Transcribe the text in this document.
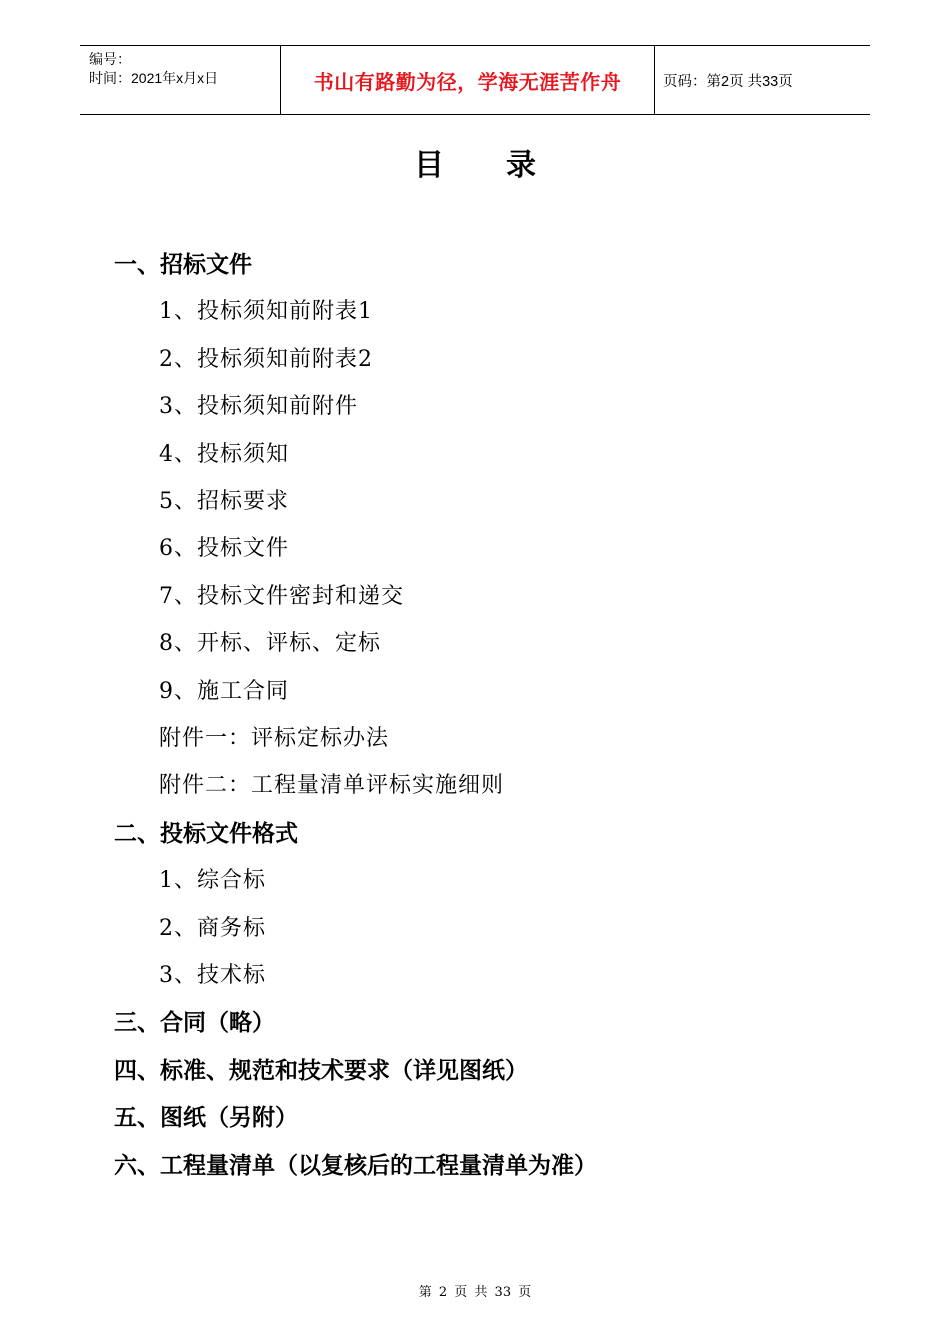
编号：
时间：2021年x月x日	书山有路勤为径，学海无涯苦作舟	页码：第2页 共33页
目 录
一、招标文件
1、投标须知前附表1
2、投标须知前附表2
3、投标须知前附件
4、投标须知
5、招标要求
6、投标文件
7、投标文件密封和递交
8、开标、评标、定标
9、施工合同
附件一：评标定标办法
附件二：工程量清单评标实施细则
二、投标文件格式
1、综合标
2、商务标
3、技术标
三、合同（略）
四、标准、规范和技术要求（详见图纸）
五、图纸（另附）
六、工程量清单（以复核后的工程量清单为准）
第 2 页 共 33 页
